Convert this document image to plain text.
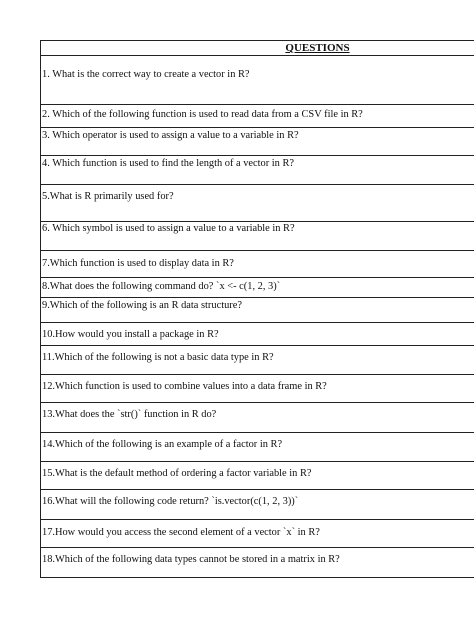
QUESTIONS
1. What is the correct way to create a vector in R?
2. Which of the following function is used to read data from a CSV file in R?
3. Which operator is used to assign a value to a variable in R?
4. Which function is used to find the length of a vector in R?
5.What is R primarily used for?
6. Which symbol is used to assign a value to a variable in R?
7.Which function is used to display data in R?
8.What does the following command do? `x <- c(1, 2, 3)`
9.Which of the following is an R data structure?
10.How would you install a package in R?
11.Which of the following is not a basic data type in R?
12.Which function is used to combine values into a data frame in R?
13.What does the `str()` function in R do?
14.Which of the following is an example of a factor in R?
15.What is the default method of ordering a factor variable in R?
16.What will the following code return? `is.vector(c(1, 2, 3))`
17.How would you access the second element of a vector `x` in R?
18.Which of the following data types cannot be stored in a matrix in R?
